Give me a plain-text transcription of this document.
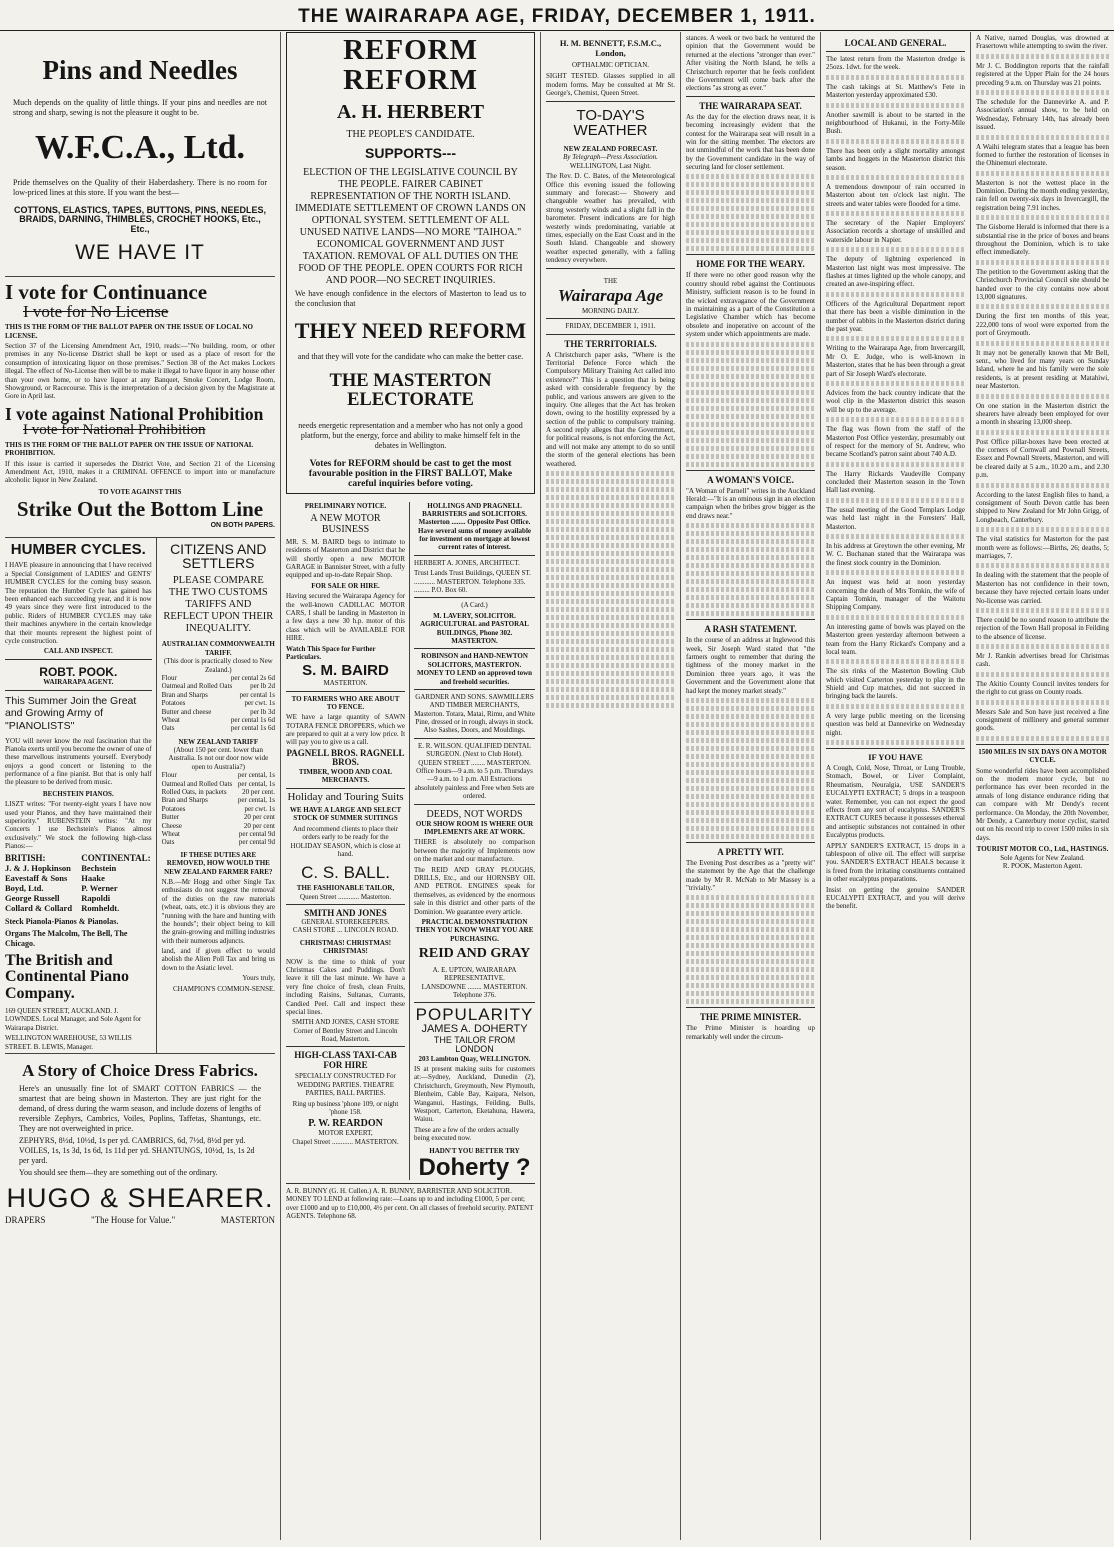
THE WAIRARAPA AGE, FRIDAY, DECEMBER 1, 1911.
Pins and Needles

Much depends on the quality of little things. If your pins and needles are not strong and sharp, sewing is not the pleasure it ought to be.

W.F.C.A., Ltd.

Pride themselves on the Quality of their Haberdashery. There is no room for low-priced lines at this store. If you want the best—

COTTONS, ELASTICS, TAPES, BUTTONS, PINS, NEEDLES, BRAIDS, DARNING, THIMBLES, CROCHET HOOKS, Etc., Etc.,

WE HAVE IT
I vote for Continuance
I vote for No License

THIS IS THE FORM OF THE BALLOT PAPER ON THE ISSUE OF LOCAL NO LICENSE.

Section 37 of the Licensing Amendment Act, 1910, reads:—"No building, room, or other premises in any No-license District shall be kept or used as a place of resort for the consumption of intoxicating liquor on those premises." Section 38 of the Act makes Lockers illegal. The effect of No-License then will be to make it illegal to have liquor in any house other than your own home, or to have liquor at any Banquet, Smoke Concert, Lodge Room, Showground, or Racecourse. This is the interpretation of a decision given by the Magistrate at Gore in April last.

I vote against National Prohibition
I vote for National Prohibition

THIS IS THE FORM OF THE BALLOT PAPER ON THE ISSUE OF NATIONAL PROHIBITION.

If this issue is carried it supersedes the District Vote, and Section 21 of the Licensing Amendment Act, 1910, makes it a CRIMINAL OFFENCE to import into or manufacture alcoholic liquor in New Zealand.

TO VOTE AGAINST THIS
Strike Out the Bottom Line
ON BOTH PAPERS.
HUMBER CYCLES.

I HAVE pleasure in announcing that I have received a Special Consignment of LADIES' and GENTS' HUMBER CYCLES for the coming busy season. The reputation the Humber Cycle has gained has been enhanced each succeeding year, and it is now 49 years since they were first introduced to the public. Riders of HUMBER CYCLES may take their machines anywhere in the certain knowledge that their mounts represent the highest point of cycle construction.

CALL AND INSPECT.
ROBT. POOK.
WAIRARAPA AGENT.
This Summer Join the Great and Growing Army of "PIANOLISTS"

YOU will never know the real fascination that the Pianola exerts until you become the owner of one of these marvellous instruments yourself. Everybody enjoys a good concert or listening to the performance of a fine pianist. But that is only half the pleasure to be derived from music.

BECHSTEIN PIANOS.

LISZT writes: "For twenty-eight years I have now used your Pianos, and they have maintained their superiority." RUBENSTEIN writes: "At my Concerts I use Bechstein's Pianos almost exclusively." We stock the following high-class Pianos:—

BRITISH:	CONTINENTAL:
J. & J. Hopkinson	Bechstein
Eavestaff & Sons	Haake
Boyd, Ltd.	P. Werner
George Russell	Rapoldi
Collard & Collard	Romheldt.

Steck Pianola-Pianos & Pianolas.

Organs The Malcolm, The Bell, The Chicago.

The British and Continental Piano Company.

169 QUEEN STREET, AUCKLAND. J. LOWNDES. Local Manager, and Sole Agent for Wairarapa District.

WELLINGTON WAREHOUSE, 53 WILLIS STREET. B. LEWIS, Manager.

CITIZENS AND SETTLERS
PLEASE COMPARE THE TWO CUSTOMS TARIFFS AND REFLECT UPON THEIR INEQUALITY.
AUSTRALIAN COMMONWEALTH TARIFF.
(This door is practically closed to New Zealand.)
Flour	per cental 2s 6d
Oatmeal and Rolled Oats	per lb 2d
Bran and Sharps	per cental 1s
Potatoes	per cwt. 1s
Butter and cheese	per lb 3d
Wheat	per cental 1s 6d
Oats	per cental 1s 6d
NEW ZEALAND TARIFF
(About 150 per cent. lower than Australia. Is not our door now wide open to Australia?)
Flour	per cental, 1s
Oatmeal and Rolled Oats per cental, 1s
Rolled Oats, in packets 20 per cent.
Bran and Sharps	per cental, 1s
Potatoes	per cwt. 1s
Butter	20 per cent
Cheese	20 per cent
Wheat	per cental 9d
Oats	per cental 9d
IF THESE DUTIES ARE REMOVED, HOW WOULD THE NEW ZEALAND FARMER FARE?

N.B.—Mr Hogg and other Single Tax enthusiasts do not suggest the removal of the duties on the raw materials (wheat, oats, etc.) it is obvious they are "running with the hare and hunting with the hounds"; their object being to kill the grain-growing and milling industries with their numerous adjuncts.

land, and if given effect to would abolish the Alien Poll Tax and bring us down to the Asiatic level.

Yours truly,

CHAMPION'S COMMON-SENSE.

A Story of Choice Dress Fabrics.

Here's an unusually fine lot of SMART COTTON FABRICS — the smartest that are being shown in Masterton. They are just right for the demand, of dress during the warm season, and include dozens of lengths of reversible Zephyrs, Cambrics, Voiles, Poplins, Taffetas, Shantungs, etc. They are not overweighted in price.

ZEPHYRS, 8½d, 10½d, 1s per yd. CAMBRICS, 6d, 7½d, 8½d per yd. VOILES, 1s, 1s 3d, 1s 6d, 1s 11d per yd. SHANTUNGS, 10½d, 1s, 1s 2d per yard.

You should see them—they are something out of the ordinary.

HUGO & SHEARER.
DRAPERS	"The House for Value."	MASTERTON
REFORM REFORM
A. H. HERBERT
THE PEOPLE'S CANDIDATE.
SUPPORTS---

ELECTION OF THE LEGISLATIVE COUNCIL BY THE PEOPLE. FAIRER CABINET REPRESENTATION OF THE NORTH ISLAND. IMMEDIATE SETTLEMENT OF CROWN LANDS ON OPTIONAL SYSTEM. SETTLEMENT OF ALL UNUSED NATIVE LANDS—NO MORE "TAIHOA." ECONOMICAL GOVERNMENT AND JUST TAXATION. REMOVAL OF ALL DUTIES ON THE FOOD OF THE PEOPLE. OPEN COURTS FOR RICH AND POOR—NO SECRET INQUIRIES.

We have enough confidence in the electors of Masterton to lead us to the conclusion that

THEY NEED REFORM

and that they will vote for the candidate who can make the better case.

THE MASTERTON ELECTORATE

needs energetic representation and a member who has not only a good platform, but the energy, force and ability to make himself felt in the debates in Wellington.

Votes for REFORM should be cast to get the most favourable position in the FIRST BALLOT, Make careful inquiries before voting.

PRELIMINARY NOTICE.
A NEW MOTOR BUSINESS

MR. S. M. BAIRD begs to intimate to residents of Masterton and District that he will shortly open a new MOTOR GARAGE in Bannister Street, with a fully equipped and up-to-date Repair Shop.

FOR SALE OR HIRE.

Having secured the Wairarapa Agency for the well-known CADILLAC MOTOR CARS, I shall be landing in Masterton in a few days a new 30 h.p. motor of this class which will be AVAILABLE FOR HIRE.

Watch This Space for Further Particulars.

S. M. BAIRD
MASTERTON.
TO FARMERS WHO ARE ABOUT TO FENCE.

WE have a large quantity of SAWN TOTARA FENCE DROPPERS, which we are prepared to quit at a very low price. It will pay you to give us a call.

PAGNELL BROS. RAGNELL BROS.
TIMBER, WOOD AND COAL MERCHANTS.
Holiday and Touring Suits
WE HAVE A LARGE AND SELECT STOCK OF SUMMER SUITINGS

And recommend clients to place their orders early to be ready for the HOLIDAY SEASON, which is close at hand.

C. S. BALL.
THE FASHIONABLE TAILOR,
Queen Street ............ Masterton.
SMITH AND JONES
GENERAL STOREKEEPERS.
CASH STORE ... LINCOLN ROAD.
CHRISTMAS! CHRISTMAS! CHRISTMAS!

NOW is the time to think of your Christmas Cakes and Puddings. Don't leave it till the last minute. We have a very fine choice of fresh, clean Fruits, including Raisins, Sultanas, Currants, Candied Peel. Call and inspect these special lines.

SMITH AND JONES, CASH STORE Corner of Bentley Street and Lincoln Road, Masterton.

HIGH-CLASS TAXI-CAB FOR HIRE

SPECIALLY CONSTRUCTED For WEDDING PARTIES. THEATRE PARTIES, BALL PARTIES.

Ring up business 'phone 109, or night 'phone 158.

P. W. REARDON
MOTOR EXPERT,
Chapel Street ............ MASTERTON.
HOLLINGS AND PRAGNELL BARRISTERS and SOLICITORS. Masterton ........ Opposite Post Office. Have several sums of money available for investment on mortgage at lowest current rates of interest.

HERBERT A. JONES, ARCHITECT.

Trust Lands Trust Buildings, QUEEN ST. ............ MASTERTON. Telephone 335. ......... P.O. Box 60.

(A Card.)

M. LAVERY, SOLICITOR. AGRICULTURAL and PASTORAL BUILDINGS, Phone 302. MASTERTON.

ROBINSON and HAND-NEWTON SOLICITORS, MASTERTON. MONEY TO LEND on approved town and freehold securities.

GARDNER AND SONS. SAWMILLERS AND TIMBER MERCHANTS, Masterton. Totara, Matai, Rimu, and White Pine, dressed or in rough, always in stock. Also Sashes, Doors, and Mouldings.

E. R. WILSON. QUALIFIED DENTAL SURGEON. (Next to Club Hotel). QUEEN STREET ........ MASTERTON. Office hours—9 a.m. to 5 p.m. Thursdays—9 a.m. to 1 p.m. All Extractions absolutely painless and Free when Sets are ordered.

DEEDS, NOT WORDS
OUR SHOW ROOM IS WHERE OUR IMPLEMENTS ARE AT WORK.

THERE is absolutely no comparison between the majority of Implements now on the market and our manufacture.

The REID AND GRAY PLOUGHS, DRILLS, Etc., and our HORNSBY OIL AND PETROL ENGINES speak for themselves, as evidenced by the enormous sale in this district and other parts of the Dominion. We guarantee every article.

PRACTICAL DEMONSTRATION THEN YOU KNOW WHAT YOU ARE PURCHASING.
REID AND GRAY
A. E. UPTON, WAIRARAPA REPRESENTATIVE.
LANSDOWNE ........ MASTERTON.
Telephone 376.
POPULARITY
JAMES A. DOHERTY
THE TAILOR FROM LONDON
203 Lambton Quay, WELLINGTON.

IS at present making suits for customers at:—Sydney, Auckland, Dunedin (2), Christchurch, Greymouth, New Plymouth, Blenheim, Cable Bay, Kaipara, Nelson, Wanganui, Hastings, Feilding, Bulls, Westport, Carterton, Eketahuna, Hawera, Waiuu.

These are a few of the orders actually being executed now.

HADN'T YOU BETTER TRY
Doherty ?

A. R. BUNNY (G. H. Cullen.) A. R. BUNNY, BARRISTER AND SOLICITOR. MONEY TO LEND at following rate:—Loans up to and including £1000, 5 per cent; over £1000 and up to £10,000, 4½ per cent. On all classes of freehold security. PATENT AGENTS. Telephone 68.

H. M. BENNETT, F.S.M.C., London,
OPTHALMIC OPTICIAN.

SIGHT TESTED. Glasses supplied in all modern forms. May be consulted at Mr St. George's, Chemist, Queen Street.

TO-DAY'S WEATHER
NEW ZEALAND FORECAST.
By Telegraph—Press Association.
WELLINGTON, Last Night.

The Rev. D. C. Bates, of the Meteorological Office this evening issued the following summary and forecast:— Showery and changeable weather has prevailed, with strong westerly winds and a slight fall in the barometer. Present indications are for high westerly winds predominating, variable at times, especially on the East Coast and in the South Island. Changeable and showery weather expected generally, with a falling tendency everywhere.

THE
Wairarapa Age
MORNING DAILY.
FRIDAY, DECEMBER 1, 1911.
THE TERRITORIALS.

A Christchurch paper asks, "Where is the Territorial Defence Force which the Compulsory Military Training Act called into existence?" This is a question that is being asked with considerable frequency by the public, and various answers are given to the inquiry. One alleges that the Act has broken down, owing to the hostility expressed by a section of the public to compulsory training. A second reply alleges that the Government, for political reasons, is not enforcing the Act, and will not make any attempt to do so until the storm of the general elections has been weathered.

stances. A week or two back he ventured the opinion that the Government would be returned at the elections "stronger than ever." After visiting the North Island, he tells a Christchurch reporter that he feels confident the Government will come back after the elections "as strong as ever."

THE WAIRARAPA SEAT.

As the day for the election draws near, it is becoming increasingly evident that the contest for the Wairarapa seat will result in a win for the sitting member. The electors are not unmindful of the work that has been done by the Government candidate in the way of securing land for closer settlement.

HOME FOR THE WEARY.

If there were no other good reason why the country should rebel against the Continuous Ministry, sufficient reason is to be found in the wicked extravagance of the Government in maintaining as a part of the Constitution a Legislative Chamber which has become obsolete and inoperative on account of the system under which appointments are made.

A WOMAN'S VOICE.

"A Woman of Parnell" writes in the Auckland Herald:—"It is an ominous sign in an election campaign when the bribes grow bigger as the end draws near."

A RASH STATEMENT.

In the course of an address at Inglewood this week, Sir Joseph Ward stated that "the farmers ought to remember that during the tightness of the money market in the Dominion three years ago, it was the Government and the Government alone that had kept the money market steady."

A PRETTY WIT.

The Evening Post describes as a "pretty wit" the statement by the Age that the challenge made by Mr R. McNab to Mr Massey is a "trivialty."

THE PRIME MINISTER.

The Prime Minister is hoarding up remarkably well under the circum-

LOCAL AND GENERAL.

The latest return from the Masterton dredge is 25ozs. 1dwt. for the week.

The cash takings at St. Matthew's Fete in Masterton yesterday approximated £30.

Another sawmill is about to be started in the neighbourhood of Hukanui, in the Forty-Mile Bush.

There has been only a slight mortality amongst lambs and hoggets in the Masterton district this season.

A tremendous downpour of rain occurred in Masterton about ten o'clock last night. The streets and water tables were flooded for a time.

The secretary of the Napier Employers' Association records a shortage of unskilled and waterside labour in Napier.

The deputy of lightning experienced in Masterton last night was most impressive. The flashes at times lighted up the whole canopy, and created an awe-inspiring effect.

Officers of the Agricultural Department report that there has been a visible diminution in the number of rabbits in the Masterton district during the past year.

Writing to the Wairarapa Age, from Invercargill, Mr O. E. Judge, who is well-known in Masterton, states that he has been through a great part of Sir Joseph Ward's electorate.

Advices from the back country indicate that the wool clip in the Masterton district this season will be up to the average.

The flag was flown from the staff of the Masterton Post Office yesterday, presumably out of respect for the memory of St. Andrew, who became Scotland's patron saint about 740 A.D.

The Harry Rickards Vaudeville Company concluded their Masterton season in the Town Hall last evening.

The usual meeting of the Good Templars Lodge was held last night in the Foresters' Hall, Masterton.

In his address at Greytown the other evening, Mr W. C. Buchanan stated that the Wairarapa was the finest stock country in the Dominion.

An inquest was held at noon yesterday concerning the death of Mrs Tomkin, the wife of Captain Tomkin, manager of the Waitotu Shipping Company.

An interesting game of bowls was played on the Masterton green yesterday afternoon between a team from the Harry Rickard's Company and a local team.

The six rinks of the Masterton Bowling Club which visited Carterton yesterday to play in the Shield and Cup matches, did not succeed in bringing back the laurels.

A very large public meeting on the licensing question was held at Dannevirke on Wednesday night.

IF YOU HAVE

A Cough, Cold, Nose, Throat, or Lung Trouble, Stomach, Bowel, or Liver Complaint, Rheumatism, Neuralgia, USE SANDER'S EUCALYPTI EXTRACT; 5 drops in a teaspoon water. Remember, you can not expect the good effects from any sort of eucalyptus. SANDER'S EXTRACT CURES because it possesses ethereal and antiseptic substances not contained in other Eucalyptus products.

APPLY SANDER'S EXTRACT, 15 drops in a tablespoon of olive oil. The effect will surprise you. SANDER'S EXTRACT HEALS because it is freed from the irritating constituents contained in other eucalyptus preparations.

Insist on getting the genuine SANDER EUCALYPTI EXTRACT, and you will derive the benefit.

A Native, named Douglas, was drowned at Frasertown while attempting to swim the river.

Mr J. C. Boddington reports that the rainfall registered at the Upper Plain for the 24 hours preceding 9 a.m. on Thursday was 21 points.

The schedule for the Dannevirke A. and P. Association's annual show, to be held on Wednesday, February 14th, has already been issued.

A Waihi telegram states that a league has been formed to further the restoration of licenses in the Ohinemuri electorate.

Masterton is not the wettest place in the Dominion. During the month ending yesterday, rain fell on twenty-six days in Invercargill, the registration being 7.91 inches.

The Gisborne Herald is informed that there is a substantial rise in the price of boxes and beans throughout the Dominion, which is to take effect immediately.

The petition to the Government asking that the Christchurch Provincial Council site should be handed over to the city contains now about 13,000 signatures.

During the first ten months of this year, 222,000 tons of wool were exported from the port of Greymouth.

It may not be generally known that Mr Bell, senr., who lived for many years on Sunday Island, where he and his family were the sole residents, is at present residing at Matahiwi, near Masterton.

On one station in the Masterton district the shearers have already been employed for over a month in shearing 13,000 sheep.

Post Office pillar-boxes have been erected at the corners of Cornwall and Pownall Streets, Essex and Pownall Streets, Masterton, and will be cleared daily at 5 a.m., 10.20 a.m., and 2.30 p.m.

According to the latest English files to hand, a consignment of South Devon cattle has been shipped to New Zealand for Mr John Grigg, of Longbeach, Canterbury.

The vital statistics for Masterton for the past month were as follows:—Births, 26; deaths, 5; marriages, 7.

In dealing with the statement that the people of Masterton has not confidence in their town, because they have rejected certain loans under No-license was carried.

There could be no sound reason to attribute the rejection of the Town Hall proposal in Feilding to the absence of license.

Mr J. Rankin advertises bread for Christmas cash.

The Akitio County Council invites tenders for the right to cut grass on County roads.

Messrs Sale and Son have just received a fine consignment of millinery and general summer goods.

1500 MILES IN SIX DAYS ON A MOTOR CYCLE.

Some wonderful rides have been accomplished on the modern motor cycle, but no performance has ever been recorded in the annals of long distance endurance riding that can compare with Mr Dendy's recent performance. On Monday, the 20th November, Mr Dendy, a Canterbury motor cyclist, started out on his record trip to cover 1500 miles in six days.

TOURIST MOTOR CO., Ltd., HASTINGS.
Sole Agents for New Zealand.
R. POOK, Masterton Agent.
